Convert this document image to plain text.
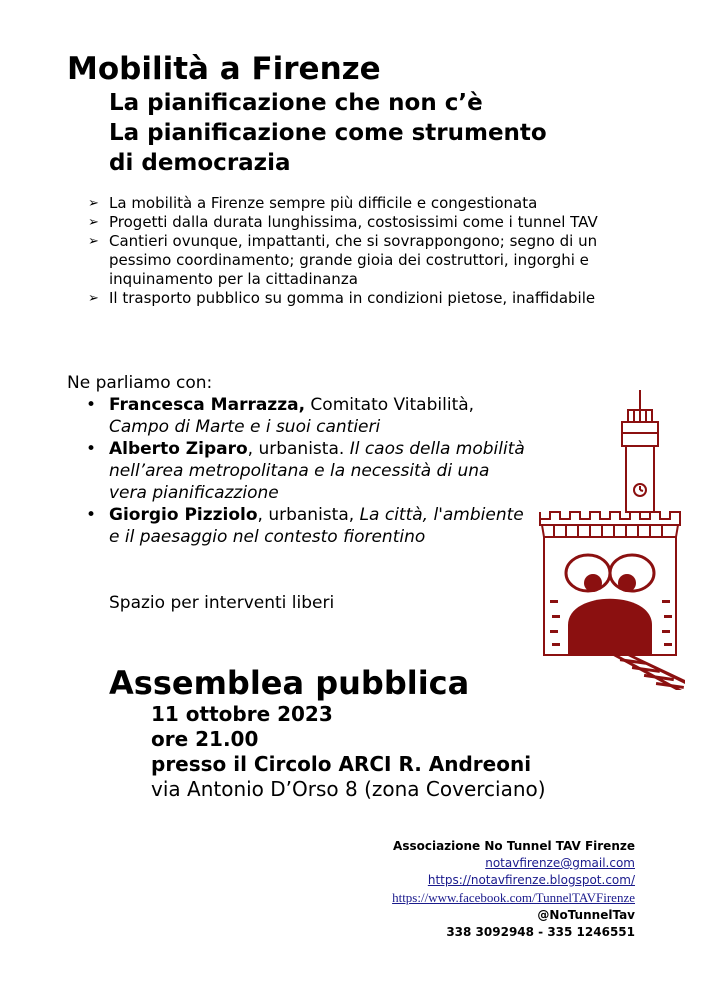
Mobilità a Firenze
La pianificazione che non c’è
La pianificazione come strumento
di democrazia
➢ La mobilità a Firenze sempre più difficile e congestionata
➢ Progetti dalla durata lunghissima, costosissimi come i tunnel TAV
➢ Cantieri ovunque, impattanti, che si sovrappongono; segno di un pessimo coordinamento; grande gioia dei costruttori, ingorghi e inquinamento per la cittadinanza
➢ Il trasporto pubblico su gomma in condizioni pietose, inaffidabile
Ne parliamo con:
• Francesca Marrazza, Comitato Vitabilità,
Campo di Marte e i suoi cantieri
• Alberto Ziparo, urbanista. Il caos della mobilità nell’area metropolitana e la necessità di una vera pianificazzione
• Giorgio Pizziolo, urbanista, La città, l'ambiente e il paesaggio nel contesto fiorentino
Spazio per interventi liberi
Assemblea pubblica
11 ottobre 2023
ore 21.00
presso il Circolo ARCI R. Andreoni
via Antonio D’Orso 8 (zona Coverciano)
Associazione No Tunnel TAV Firenze
notavfirenze@gmail.com
https://notavfirenze.blogspot.com/
https://www.facebook.com/TunnelTAVFirenze
@NoTunnelTav
338 3092948 - 335 1246551
